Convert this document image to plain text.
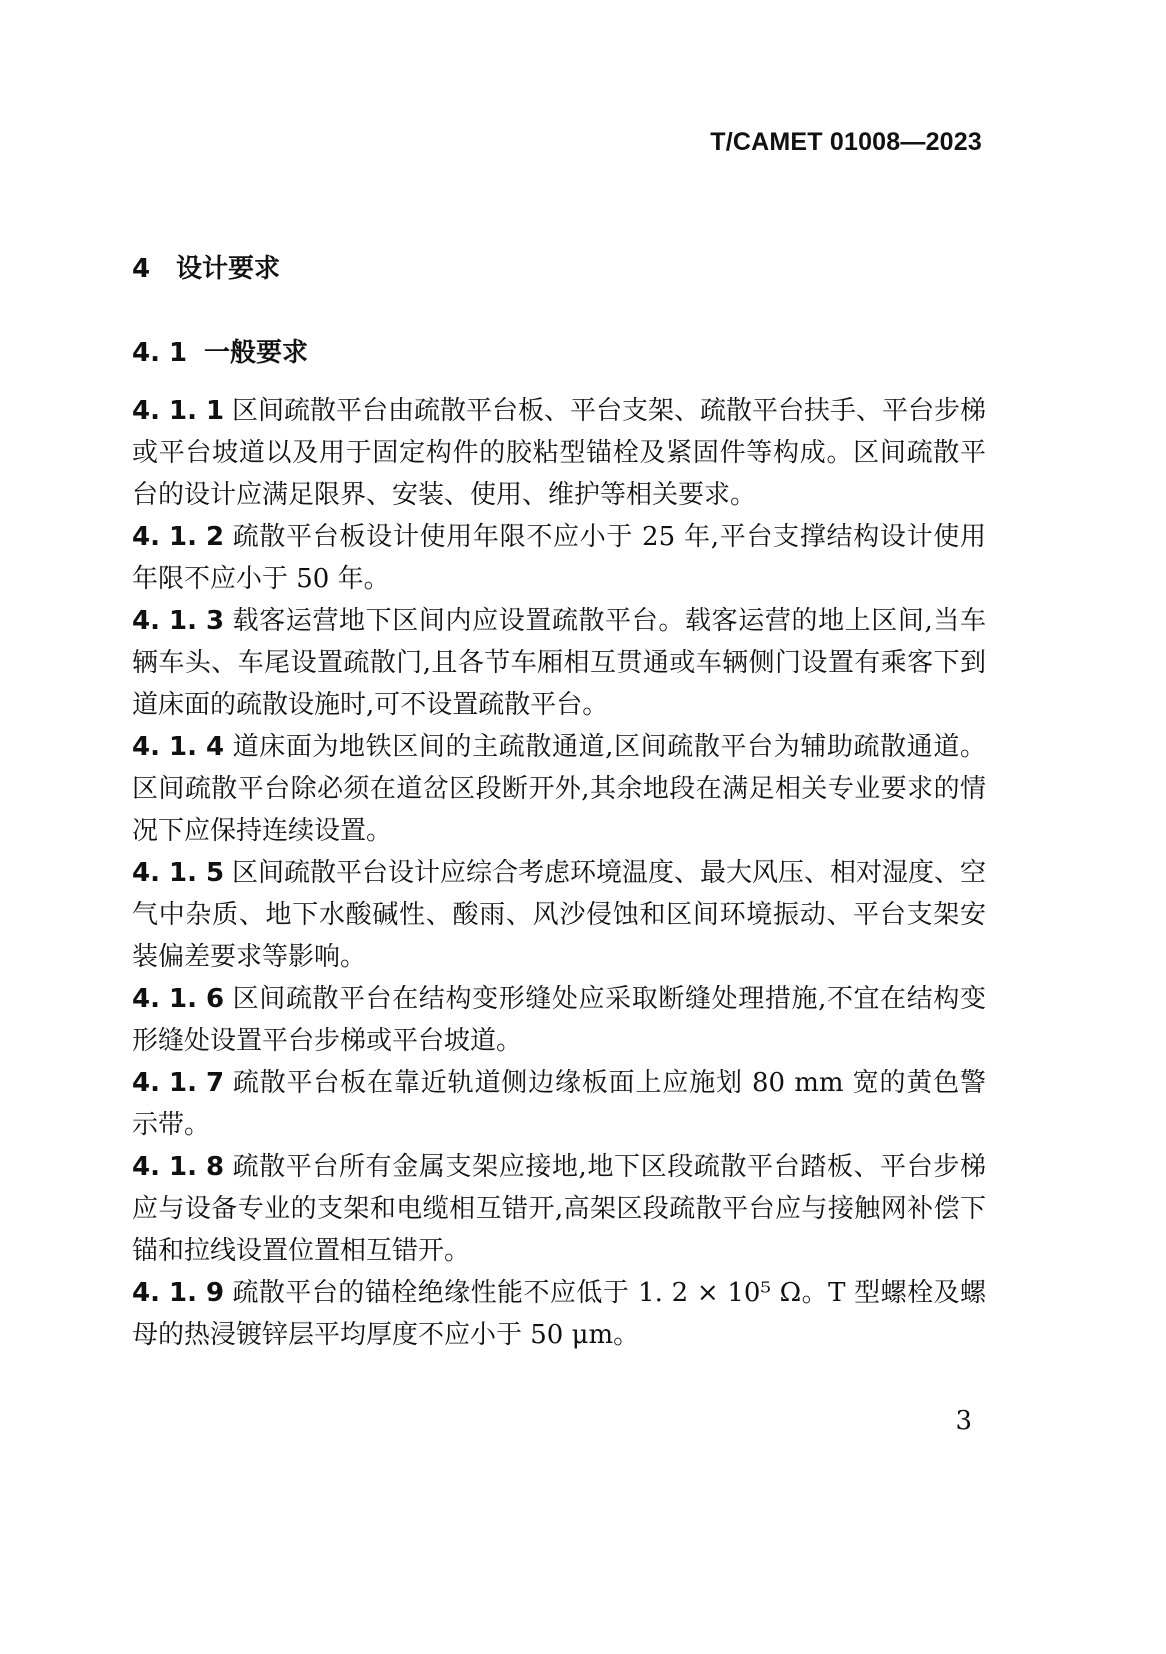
T/CAMET 01008—2023
4 设计要求
4. 1 一般要求

4. 1. 1 区间疏散平台由疏散平台板、平台支架、疏散平台扶手、平台步梯或平台坡道以及用于固定构件的胶粘型锚栓及紧固件等构成。区间疏散平台的设计应满足限界、安装、使用、维护等相关要求。

4. 1. 2 疏散平台板设计使用年限不应小于 25 年,平台支撑结构设计使用年限不应小于 50 年。

4. 1. 3 载客运营地下区间内应设置疏散平台。载客运营的地上区间,当车辆车头、车尾设置疏散门,且各节车厢相互贯通或车辆侧门设置有乘客下到道床面的疏散设施时,可不设置疏散平台。

4. 1. 4 道床面为地铁区间的主疏散通道,区间疏散平台为辅助疏散通道。区间疏散平台除必须在道岔区段断开外,其余地段在满足相关专业要求的情况下应保持连续设置。

4. 1. 5 区间疏散平台设计应综合考虑环境温度、最大风压、相对湿度、空气中杂质、地下水酸碱性、酸雨、风沙侵蚀和区间环境振动、平台支架安装偏差要求等影响。

4. 1. 6 区间疏散平台在结构变形缝处应采取断缝处理措施,不宜在结构变形缝处设置平台步梯或平台坡道。

4. 1. 7 疏散平台板在靠近轨道侧边缘板面上应施划 80 mm 宽的黄色警示带。

4. 1. 8 疏散平台所有金属支架应接地,地下区段疏散平台踏板、平台步梯应与设备专业的支架和电缆相互错开,高架区段疏散平台应与接触网补偿下锚和拉线设置位置相互错开。

4. 1. 9 疏散平台的锚栓绝缘性能不应低于 1. 2 × 10⁵ Ω。T 型螺栓及螺母的热浸镀锌层平均厚度不应小于 50 μm。

3
